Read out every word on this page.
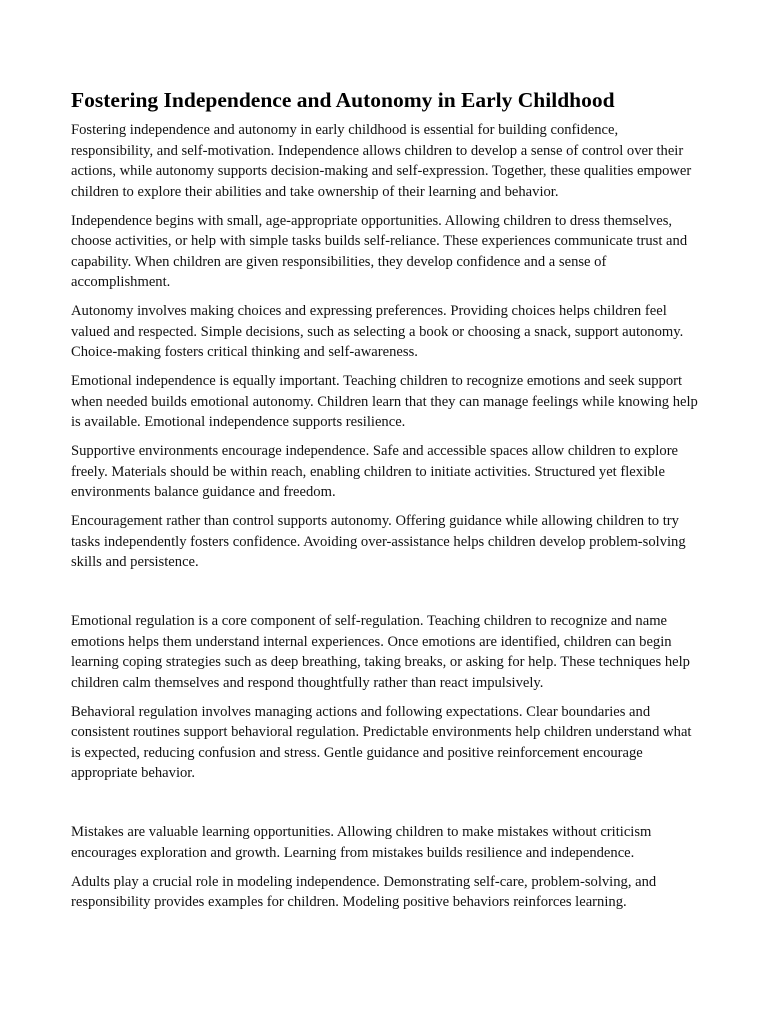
Fostering Independence and Autonomy in Early Childhood

Fostering independence and autonomy in early childhood is essential for building confidence, responsibility, and self-motivation. Independence allows children to develop a sense of control over their actions, while autonomy supports decision-making and self-expression. Together, these qualities empower children to explore their abilities and take ownership of their learning and behavior.

Independence begins with small, age-appropriate opportunities. Allowing children to dress themselves, choose activities, or help with simple tasks builds self-reliance. These experiences communicate trust and capability. When children are given responsibilities, they develop confidence and a sense of accomplishment.

Autonomy involves making choices and expressing preferences. Providing choices helps children feel valued and respected. Simple decisions, such as selecting a book or choosing a snack, support autonomy. Choice-making fosters critical thinking and self-awareness.

Emotional independence is equally important. Teaching children to recognize emotions and seek support when needed builds emotional autonomy. Children learn that they can manage feelings while knowing help is available. Emotional independence supports resilience.

Supportive environments encourage independence. Safe and accessible spaces allow children to explore freely. Materials should be within reach, enabling children to initiate activities. Structured yet flexible environments balance guidance and freedom.

Encouragement rather than control supports autonomy. Offering guidance while allowing children to try tasks independently fosters confidence. Avoiding over-assistance helps children develop problem-solving skills and persistence.

Emotional regulation is a core component of self-regulation. Teaching children to recognize and name emotions helps them understand internal experiences. Once emotions are identified, children can begin learning coping strategies such as deep breathing, taking breaks, or asking for help. These techniques help children calm themselves and respond thoughtfully rather than react impulsively.

Behavioral regulation involves managing actions and following expectations. Clear boundaries and consistent routines support behavioral regulation. Predictable environments help children understand what is expected, reducing confusion and stress. Gentle guidance and positive reinforcement encourage appropriate behavior.

Mistakes are valuable learning opportunities. Allowing children to make mistakes without criticism encourages exploration and growth. Learning from mistakes builds resilience and independence.

Adults play a crucial role in modeling independence. Demonstrating self-care, problem-solving, and responsibility provides examples for children. Modeling positive behaviors reinforces learning.
